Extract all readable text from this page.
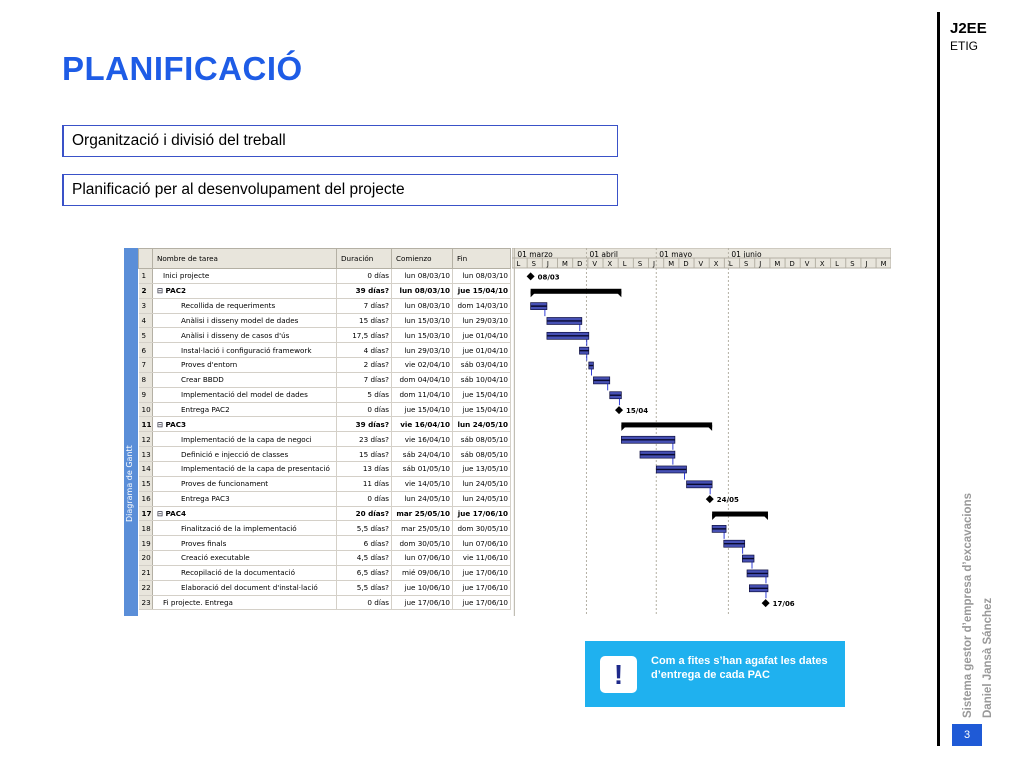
J2EE
ETIG
PLANIFICACIÓ
Organització i divisió del treball
Planificació per al desenvolupament del projecte
Diagrama de Gantt
	Nombre de tarea	Duración	Comienzo	Fin
1	Inici projecte	0 días	lun 08/03/10	lun 08/03/10
2	⊟ PAC2	39 días?	lun 08/03/10	jue 15/04/10
3	Recollida de requeriments	7 días?	lun 08/03/10	dom 14/03/10
4	Anàlisi i disseny model de dades	15 días?	lun 15/03/10	lun 29/03/10
5	Anàlisi i disseny de casos d'ús	17,5 días?	lun 15/03/10	jue 01/04/10
6	Instal·lació i configuració framework	4 días?	lun 29/03/10	jue 01/04/10
7	Proves d'entorn	2 días?	vie 02/04/10	sáb 03/04/10
8	Crear BBDD	7 días?	dom 04/04/10	sáb 10/04/10
9	Implementació del model de dades	5 días	dom 11/04/10	jue 15/04/10
10	Entrega PAC2	0 días	jue 15/04/10	jue 15/04/10
11	⊟ PAC3	39 días?	vie 16/04/10	lun 24/05/10
12	Implementació de la capa de negoci	23 días?	vie 16/04/10	sáb 08/05/10
13	Definició e injecció de classes	15 días?	sáb 24/04/10	sáb 08/05/10
14	Implementació de la capa de presentació	13 días	sáb 01/05/10	jue 13/05/10
15	Proves de funcionament	11 días	vie 14/05/10	lun 24/05/10
16	Entrega PAC3	0 días	lun 24/05/10	lun 24/05/10
17	⊟ PAC4	20 días?	mar 25/05/10	jue 17/06/10
18	Finalització de la implementació	5,5 días?	mar 25/05/10	dom 30/05/10
19	Proves finals	6 días?	dom 30/05/10	lun 07/06/10
20	Creació executable	4,5 días?	lun 07/06/10	vie 11/06/10
21	Recopilació de la documentació	6,5 días?	mié 09/06/10	jue 17/06/10
22	Elaboració del document d'instal·lació	5,5 días?	jue 10/06/10	jue 17/06/10
23	Fi projecte. Entrega	0 días	jue 17/06/10	jue 17/06/10
01 marzo	01 abril	01 mayo	01 junio
L S J M D V X L S J M D V X L S J M D V X L S J M
08/03
15/04
24/05
17/06
!	Com a fites s’han agafat les dates d’entrega de cada PAC	Sistema gestor d’empresa d’excavacions Daniel Jansà Sánchez
3
